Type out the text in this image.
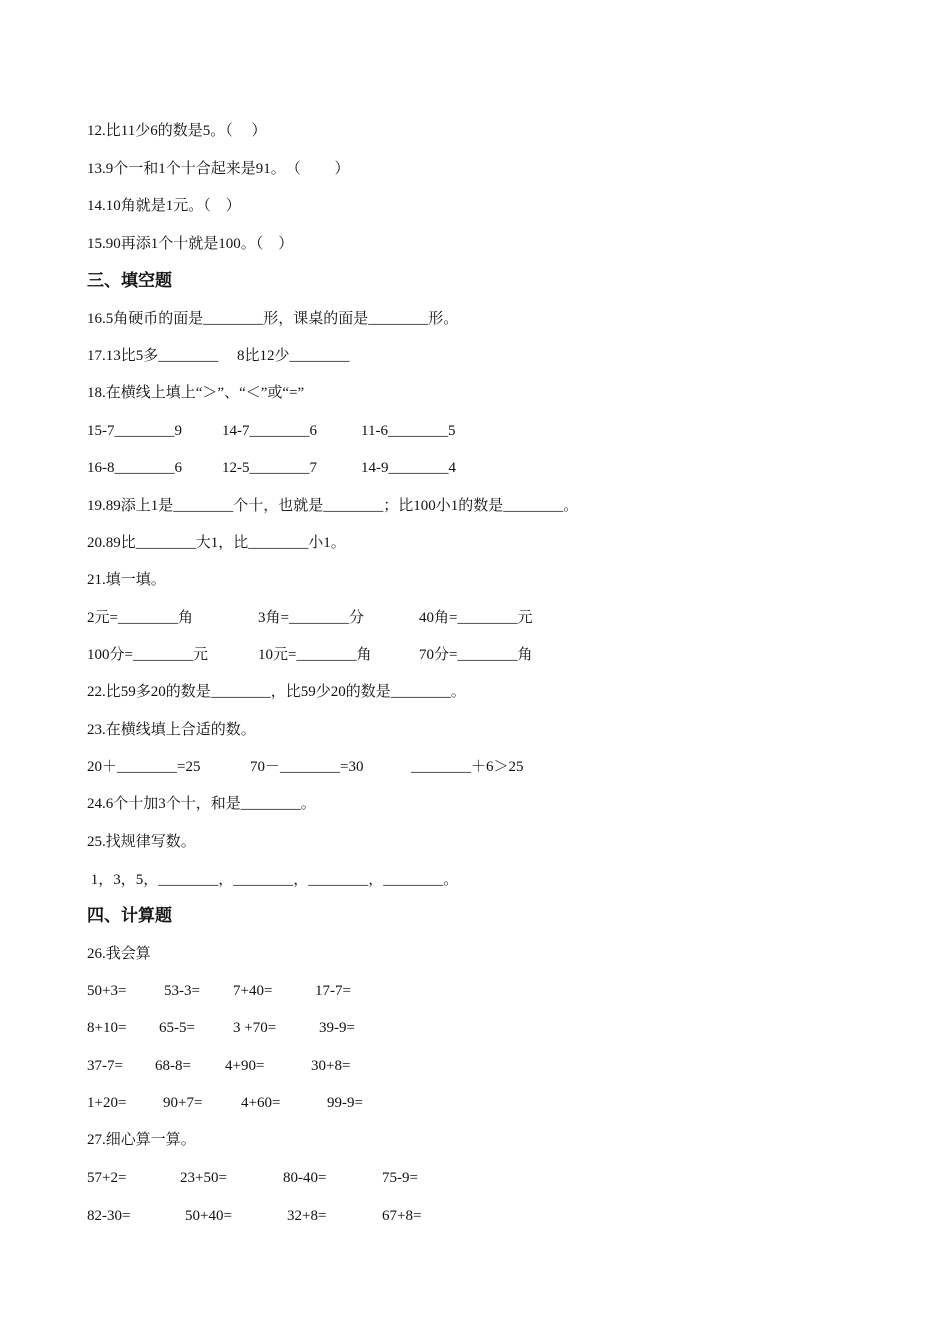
12.比11少6的数是5。（　 ）
13.9个一和1个十合起来是91。　（　　 ）
14.10角就是1元。（　）
15.90再添1个十就是100。（　）
三、填空题
16.5角硬币的面是________形，课桌的面是________形。
17.13比5多________　 8比12少________
18.在横线上填上“＞”、“＜”或“=”
15-7________9	14-7________6	11-6________5
16-8________6	12-5________7	14-9________4
19.89添上1是________个十，也就是________；比100小1的数是________。
20.89比________大1，比________小1。
21.填一填。
2元=________角	3角=________分	40角=________元
100分=________元	10元=________角	70分=________角
22.比59多20的数是________，比59少20的数是________。
23.在横线填上合适的数。
20＋________=25	70－________=30	________＋6＞25
24.6个十加3个十，和是________。
25.找规律写数。
1，3，5，________，________，________，________。
四、计算题
26.我会算
50+3=	53-3= 7+40=	17-7=
8+10= 65-5=	3 +70=	39-9=
37-7= 68-8= 4+90=	30+8=
1+20= 90+7=	4+60=	99-9=
27.细心算一算。
57+2=	23+50=	80-40=	75-9=
82-30=	50+40=	32+8=	67+8=
